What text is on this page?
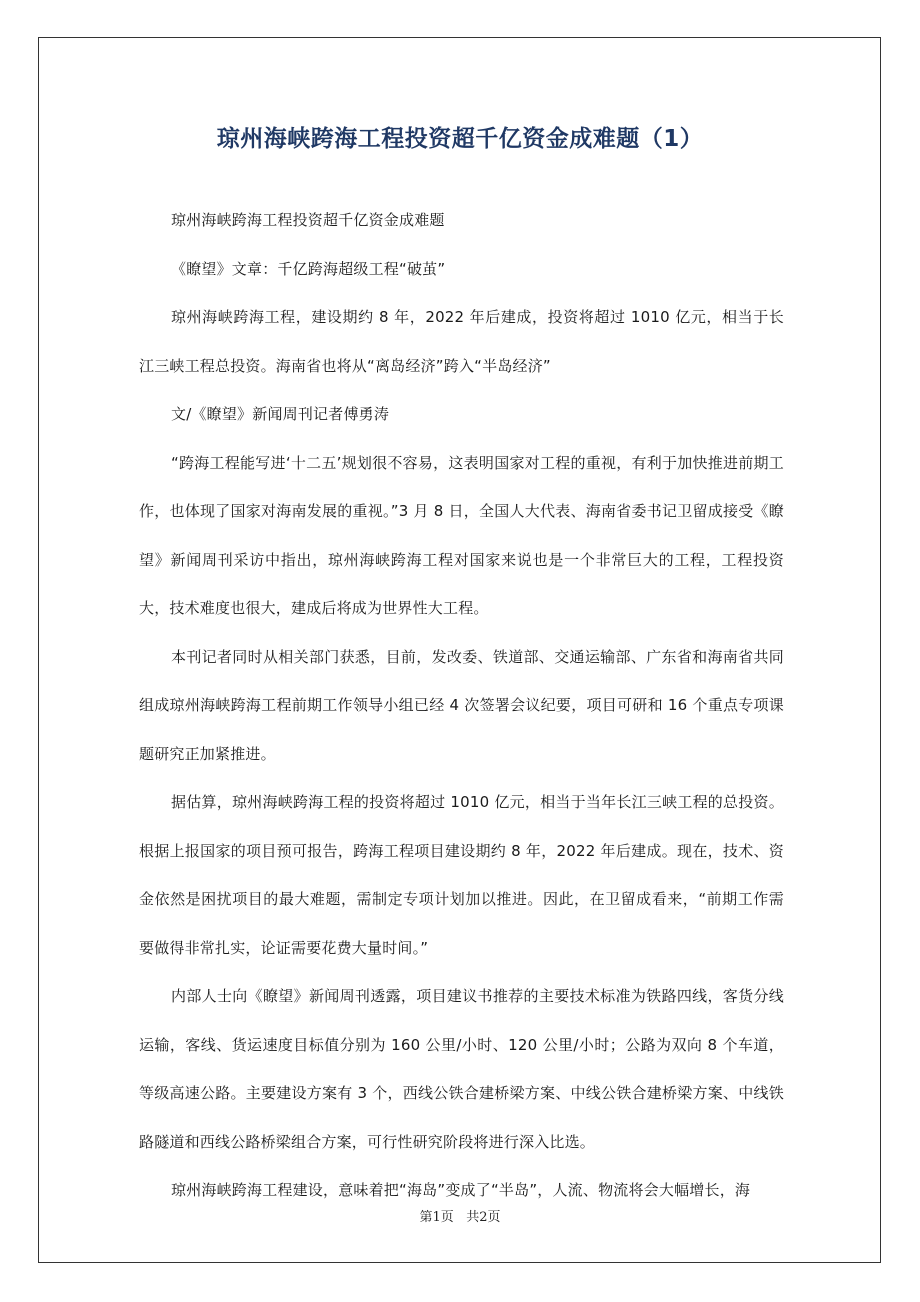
琼州海峡跨海工程投资超千亿资金成难题（1）

琼州海峡跨海工程投资超千亿资金成难题

《瞭望》文章：千亿跨海超级工程“破茧”

琼州海峡跨海工程，建设期约 8 年，2022 年后建成，投资将超过 1010 亿元，相当于长江三峡工程总投资。海南省也将从“离岛经济”跨入“半岛经济”

文/《瞭望》新闻周刊记者傅勇涛

“跨海工程能写进‘十二五’规划很不容易，这表明国家对工程的重视，有利于加快推进前期工作，也体现了国家对海南发展的重视。”3 月 8 日，全国人大代表、海南省委书记卫留成接受《瞭望》新闻周刊采访中指出，琼州海峡跨海工程对国家来说也是一个非常巨大的工程，工程投资大，技术难度也很大，建成后将成为世界性大工程。

本刊记者同时从相关部门获悉，目前，发改委、铁道部、交通运输部、广东省和海南省共同组成琼州海峡跨海工程前期工作领导小组已经 4 次签署会议纪要，项目可研和 16 个重点专项课题研究正加紧推进。

据估算，琼州海峡跨海工程的投资将超过 1010 亿元，相当于当年长江三峡工程的总投资。根据上报国家的项目预可报告，跨海工程项目建设期约 8 年，2022 年后建成。现在，技术、资金依然是困扰项目的最大难题，需制定专项计划加以推进。因此，在卫留成看来，“前期工作需要做得非常扎实，论证需要花费大量时间。”

内部人士向《瞭望》新闻周刊透露，项目建议书推荐的主要技术标准为铁路四线，客货分线运输，客线、货运速度目标值分别为 160 公里/小时、120 公里/小时；公路为双向 8 个车道，等级高速公路。主要建设方案有 3 个，西线公铁合建桥梁方案、中线公铁合建桥梁方案、中线铁路隧道和西线公路桥梁组合方案，可行性研究阶段将进行深入比选。

琼州海峡跨海工程建设，意味着把“海岛”变成了“半岛”，人流、物流将会大幅增长，海

第1页   共2页
